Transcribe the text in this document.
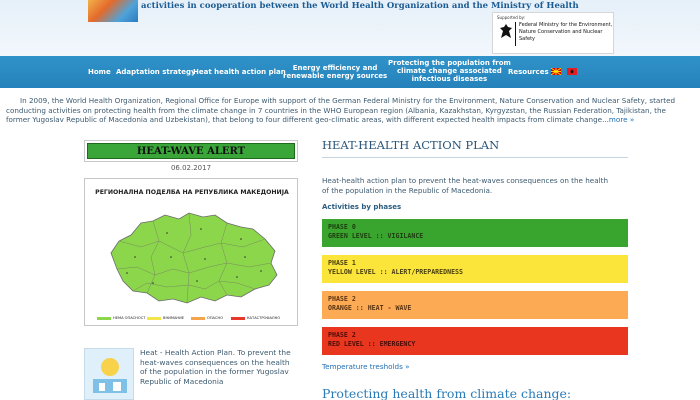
activities in cooperation between the World Health Organization and the Ministry of Health
Supported by:
Federal Ministry for the Environment, Nature Conservation and Nuclear Safety
Home Adaptation strategy
Heat health action plan	Energy efficiency and
renewable energy sources
Protecting the population from
climate change associated
infectious diseases
Resources
In 2009, the World Health Organization, Regional Office for Europe with support of the German Federal Ministry for the Environment, Nature Conservation and Nuclear Safety, started conducting activities on protecting health from the climate change in 7 countries in the WHO European region (Albania, Kazakhstan, Kyrgyzstan, the Russian Federation, Tajikistan, the former Yugoslav Republic of Macedonia and Uzbekistan), that belong to four different geo-climatic areas, with different expected health impacts from climate change...more »
HEAT-WAVE ALERT
06.02.2017
РЕГИОНАЛНА ПОДЕЛБА НА РЕПУБЛИКА МАКЕДОНИЈА
НЕМА ОПАСНОСТ	ВНИМАНИЕ	ОПАСНО	КАТАСТРОФАЛНО
Heat - Health Action Plan. To prevent the heat-waves consequences on the health of the population in the former Yugoslav Republic of Macedonia
HEAT-HEALTH ACTION PLAN
Heat-health action plan to prevent the heat-waves consequences on the health of the population in the Republic of Macedonia.
Activities by phases
PHASE 0
GREEN LEVEL :: VIGILANCE
PHASE 1
YELLOW LEVEL :: ALERT/PREPAREDNESS
PHASE 2
ORANGE :: HEAT - WAVE
PHASE 2
RED LEVEL :: EMERGENCY
Temperature tresholds »
Protecting health from climate change:
